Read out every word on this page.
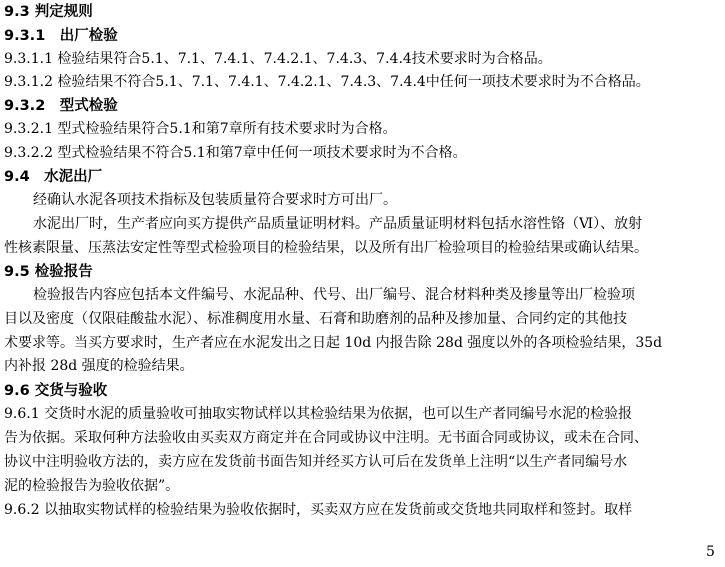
9.3 判定规则
9.3.1　出厂检验
9.3.1.1 检验结果符合5.1、7.1、7.4.1、7.4.2.1、7.4.3、7.4.4技术要求时为合格品。
9.3.1.2 检验结果不符合5.1、7.1、7.4.1、7.4.2.1、7.4.3、7.4.4中任何一项技术要求时为不合格品。
9.3.2　型式检验
9.3.2.1 型式检验结果符合5.1和第7章所有技术要求时为合格。
9.3.2.2 型式检验结果不符合5.1和第7章中任何一项技术要求时为不合格。
9.4　水泥出厂
经确认水泥各项技术指标及包装质量符合要求时方可出厂。
水泥出厂时，生产者应向买方提供产品质量证明材料。产品质量证明材料包括水溶性铬（Ⅵ）、放射
性核素限量、压蒸法安定性等型式检验项目的检验结果，以及所有出厂检验项目的检验结果或确认结果。
9.5 检验报告
检验报告内容应包括本文件编号、水泥品种、代号、出厂编号、混合材料种类及掺量等出厂检验项
目以及密度（仅限硅酸盐水泥）、标准稠度用水量、石膏和助磨剂的品种及掺加量、合同约定的其他技
术要求等。当买方要求时，生产者应在水泥发出之日起 10d 内报告除 28d 强度以外的各项检验结果，35d
内补报 28d 强度的检验结果。
9.6 交货与验收
9.6.1 交货时水泥的质量验收可抽取实物试样以其检验结果为依据，也可以生产者同编号水泥的检验报
告为依据。采取何种方法验收由买卖双方商定并在合同或协议中注明。无书面合同或协议，或未在合同、
协议中注明验收方法的，卖方应在发货前书面告知并经买方认可后在发货单上注明“以生产者同编号水
泥的检验报告为验收依据”。
9.6.2 以抽取实物试样的检验结果为验收依据时，买卖双方应在发货前或交货地共同取样和签封。取样
5
